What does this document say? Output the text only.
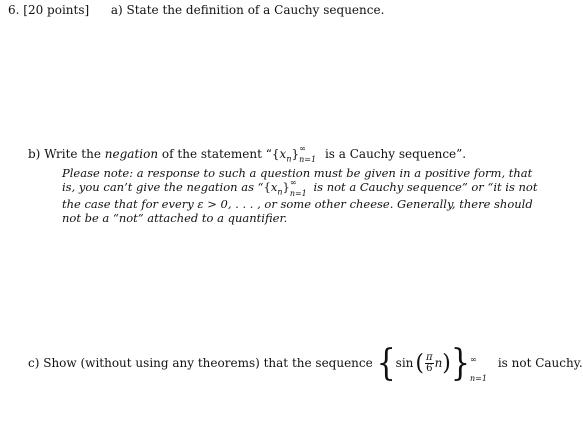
6. [20 points] a) State the definition of a Cauchy sequence.
b) Write the negation of the statement “$\{x_n\}$ ∞
n=1 is a Cauchy sequence”.
Please note: a response to such a question must be given in a positive form, that
is, you can’t give the negation as “$\{x_n\}$ ∞
n=1 is not a Cauchy sequence” or “it is not
the case that for every ε > 0, . . . , or some other cheese. Generally, there should
not be a “not” attached to a quantifier.
c) Show (without using any theorems) that the sequence $\{\sin( \frac{\pi}{6} n)\}$ ∞
n=1
is not Cauchy.
